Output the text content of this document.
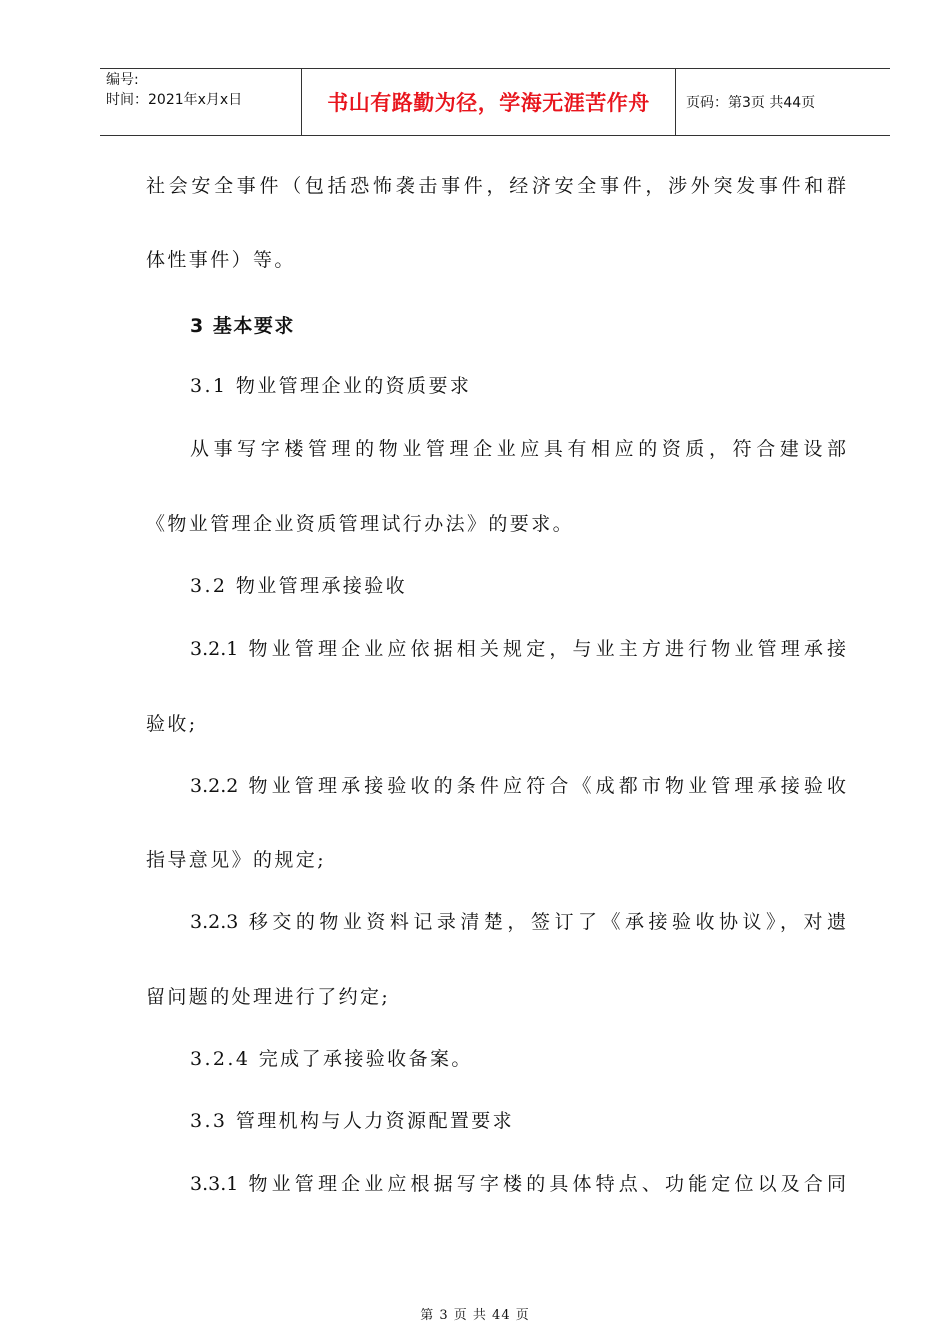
编号:
时间：2021年x月x日	书山有路勤为径，学海无涯苦作舟	页码：第3页 共44页
社会安全事件（包括恐怖袭击事件，经济安全事件，涉外突发事件和群
体性事件）等。
3 基本要求
3.1 物业管理企业的资质要求
从事写字楼管理的物业管理企业应具有相应的资质，符合建设部
《物业管理企业资质管理试行办法》的要求。
3.2 物业管理承接验收
3.2.1 物业管理企业应依据相关规定，与业主方进行物业管理承接
验收;
3.2.2 物业管理承接验收的条件应符合《成都市物业管理承接验收
指导意见》的规定;
3.2.3 移交的物业资料记录清楚，签订了《承接验收协议》，对遗
留问题的处理进行了约定;
3.2.4 完成了承接验收备案。
3.3 管理机构与人力资源配置要求
3.3.1 物业管理企业应根据写字楼的具体特点、功能定位以及合同
第 3 页 共 44 页
